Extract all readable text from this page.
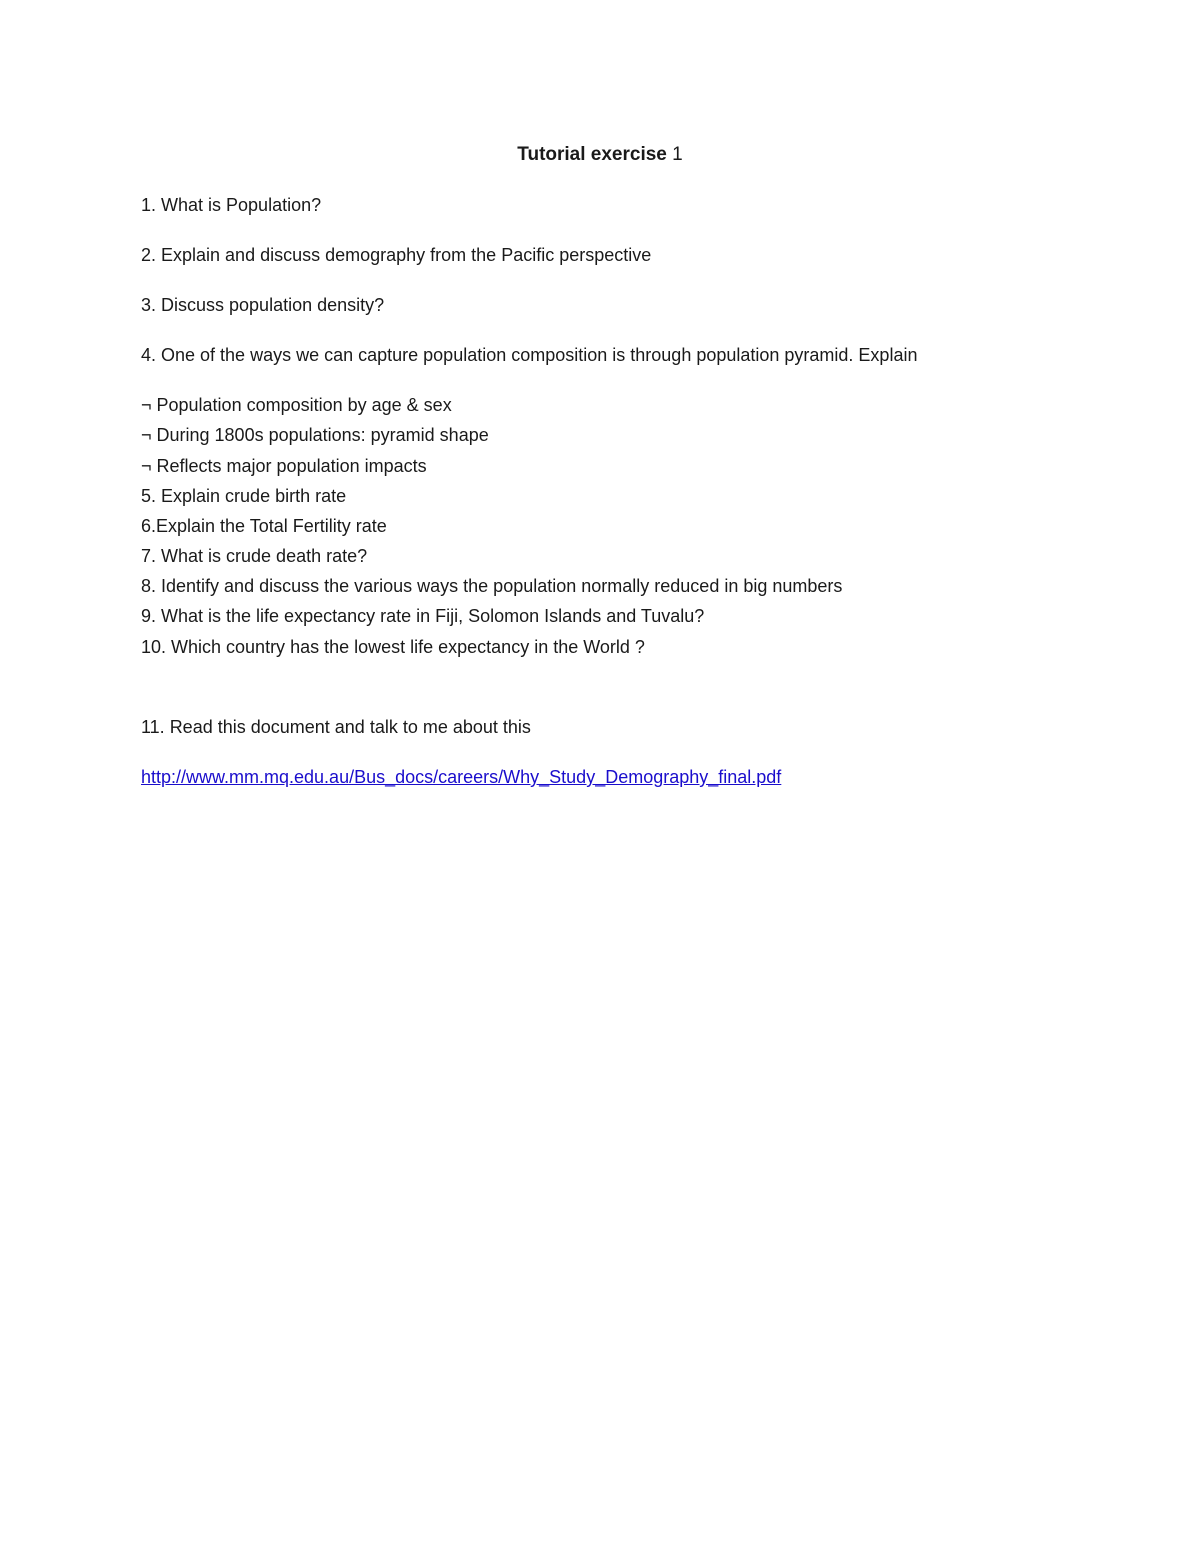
Tutorial exercise 1

1. What is Population?

2. Explain and discuss demography from the Pacific perspective

3. Discuss population density?

4. One of the ways we can capture population composition is through population pyramid. Explain

¬ Population composition by age & sex

¬ During 1800s populations: pyramid shape

¬ Reflects major population impacts

5. Explain crude birth rate

6.Explain the Total Fertility rate

7. What is crude death rate?

8. Identify and discuss the various ways the population normally reduced in big numbers

9. What is the life expectancy rate in Fiji, Solomon Islands and Tuvalu?

10. Which country has the lowest life expectancy in the World ?

11. Read this document and talk to me about this

http://www.mm.mq.edu.au/Bus_docs/careers/Why_Study_Demography_final.pdf
